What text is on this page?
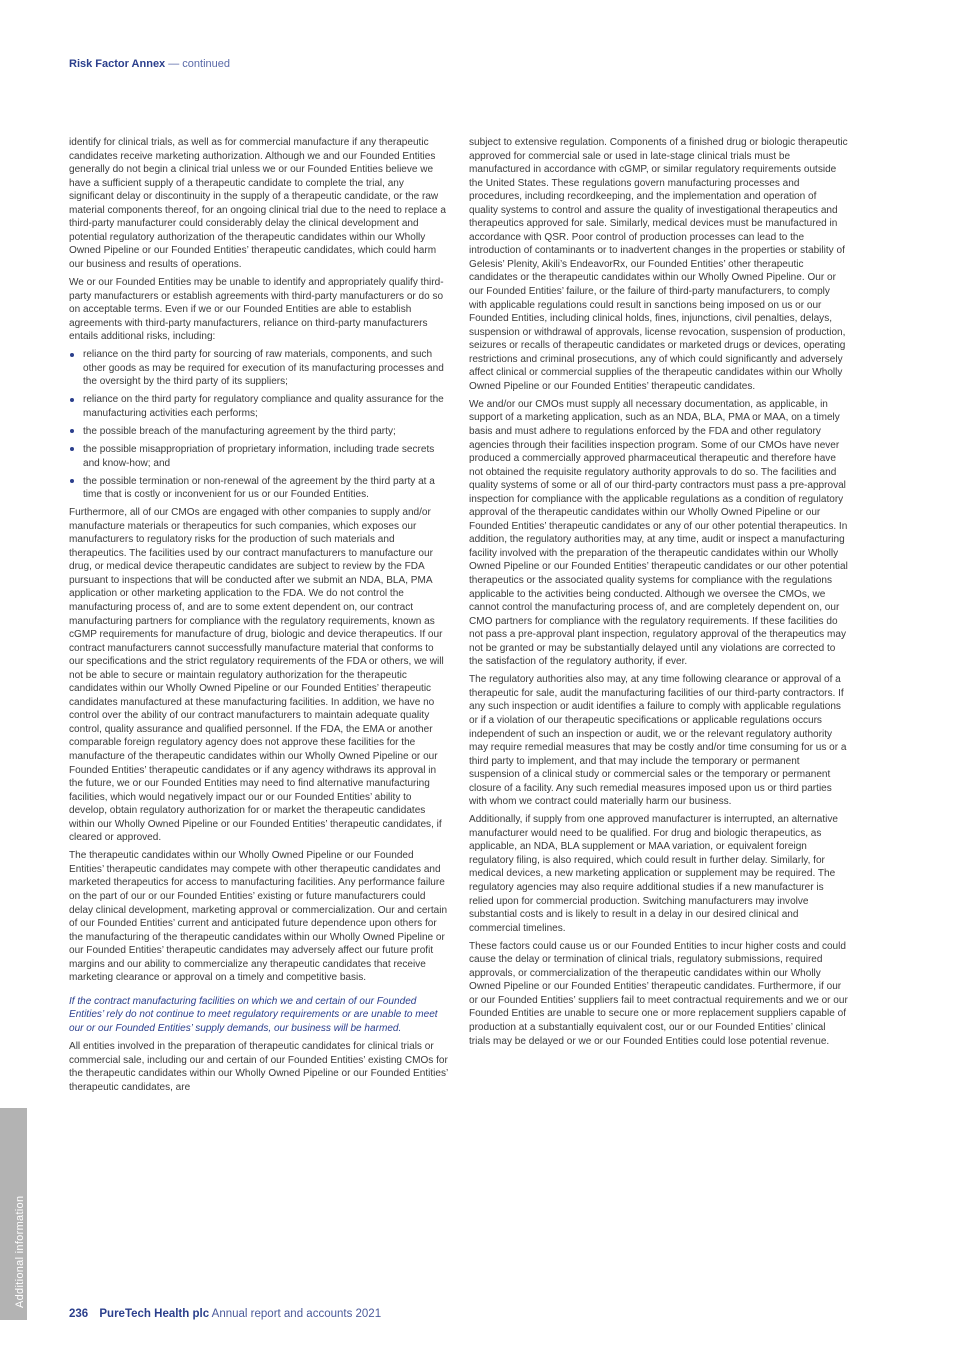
Risk Factor Annex — continued

identify for clinical trials, as well as for commercial manufacture if any therapeutic candidates receive marketing authorization. Although we and our Founded Entities generally do not begin a clinical trial unless we or our Founded Entities believe we have a sufficient supply of a therapeutic candidate to complete the trial, any significant delay or discontinuity in the supply of a therapeutic candidate, or the raw material components thereof, for an ongoing clinical trial due to the need to replace a third-party manufacturer could considerably delay the clinical development and potential regulatory authorization of the therapeutic candidates within our Wholly Owned Pipeline or our Founded Entities’ therapeutic candidates, which could harm our business and results of operations.

We or our Founded Entities may be unable to identify and appropriately qualify third-party manufacturers or establish agreements with third-party manufacturers or do so on acceptable terms. Even if we or our Founded Entities are able to establish agreements with third-party manufacturers, reliance on third-party manufacturers entails additional risks, including:

reliance on the third party for sourcing of raw materials, components, and such other goods as may be required for execution of its manufacturing processes and the oversight by the third party of its suppliers;
reliance on the third party for regulatory compliance and quality assurance for the manufacturing activities each performs;
the possible breach of the manufacturing agreement by the third party;
the possible misappropriation of proprietary information, including trade secrets and know-how; and
the possible termination or non-renewal of the agreement by the third party at a time that is costly or inconvenient for us or our Founded Entities.

Furthermore, all of our CMOs are engaged with other companies to supply and/or manufacture materials or therapeutics for such companies, which exposes our manufacturers to regulatory risks for the production of such materials and therapeutics. The facilities used by our contract manufacturers to manufacture our drug, or medical device therapeutic candidates are subject to review by the FDA pursuant to inspections that will be conducted after we submit an NDA, BLA, PMA application or other marketing application to the FDA. We do not control the manufacturing process of, and are to some extent dependent on, our contract manufacturing partners for compliance with the regulatory requirements, known as cGMP requirements for manufacture of drug, biologic and device therapeutics. If our contract manufacturers cannot successfully manufacture material that conforms to our specifications and the strict regulatory requirements of the FDA or others, we will not be able to secure or maintain regulatory authorization for the therapeutic candidates within our Wholly Owned Pipeline or our Founded Entities’ therapeutic candidates manufactured at these manufacturing facilities. In addition, we have no control over the ability of our contract manufacturers to maintain adequate quality control, quality assurance and qualified personnel. If the FDA, the EMA or another comparable foreign regulatory agency does not approve these facilities for the manufacture of the therapeutic candidates within our Wholly Owned Pipeline or our Founded Entities’ therapeutic candidates or if any agency withdraws its approval in the future, we or our Founded Entities may need to find alternative manufacturing facilities, which would negatively impact our or our Founded Entities’ ability to develop, obtain regulatory authorization for or market the therapeutic candidates within our Wholly Owned Pipeline or our Founded Entities’ therapeutic candidates, if cleared or approved.

The therapeutic candidates within our Wholly Owned Pipeline or our Founded Entities’ therapeutic candidates may compete with other therapeutic candidates and marketed therapeutics for access to manufacturing facilities. Any performance failure on the part of our or our Founded Entities’ existing or future manufacturers could delay clinical development, marketing approval or commercialization. Our and certain of our Founded Entities’ current and anticipated future dependence upon others for the manufacturing of the therapeutic candidates within our Wholly Owned Pipeline or our Founded Entities’ therapeutic candidates may adversely affect our future profit margins and our ability to commercialize any therapeutic candidates that receive marketing clearance or approval on a timely and competitive basis.

If the contract manufacturing facilities on which we and certain of our Founded Entities’ rely do not continue to meet regulatory requirements or are unable to meet our or our Founded Entities’ supply demands, our business will be harmed.

All entities involved in the preparation of therapeutic candidates for clinical trials or commercial sale, including our and certain of our Founded Entities’ existing CMOs for the therapeutic candidates within our Wholly Owned Pipeline or our Founded Entities’ therapeutic candidates, are

subject to extensive regulation. Components of a finished drug or biologic therapeutic approved for commercial sale or used in late-stage clinical trials must be manufactured in accordance with cGMP, or similar regulatory requirements outside the United States. These regulations govern manufacturing processes and procedures, including recordkeeping, and the implementation and operation of quality systems to control and assure the quality of investigational therapeutics and therapeutics approved for sale. Similarly, medical devices must be manufactured in accordance with QSR. Poor control of production processes can lead to the introduction of contaminants or to inadvertent changes in the properties or stability of Gelesis’ Plenity, Akili’s EndeavorRx, our Founded Entities’ other therapeutic candidates or the therapeutic candidates within our Wholly Owned Pipeline. Our or our Founded Entities’ failure, or the failure of third-party manufacturers, to comply with applicable regulations could result in sanctions being imposed on us or our Founded Entities, including clinical holds, fines, injunctions, civil penalties, delays, suspension or withdrawal of approvals, license revocation, suspension of production, seizures or recalls of therapeutic candidates or marketed drugs or devices, operating restrictions and criminal prosecutions, any of which could significantly and adversely affect clinical or commercial supplies of the therapeutic candidates within our Wholly Owned Pipeline or our Founded Entities’ therapeutic candidates.

We and/or our CMOs must supply all necessary documentation, as applicable, in support of a marketing application, such as an NDA, BLA, PMA or MAA, on a timely basis and must adhere to regulations enforced by the FDA and other regulatory agencies through their facilities inspection program. Some of our CMOs have never produced a commercially approved pharmaceutical therapeutic and therefore have not obtained the requisite regulatory authority approvals to do so. The facilities and quality systems of some or all of our third-party contractors must pass a pre-approval inspection for compliance with the applicable regulations as a condition of regulatory approval of the therapeutic candidates within our Wholly Owned Pipeline or our Founded Entities’ therapeutic candidates or any of our other potential therapeutics. In addition, the regulatory authorities may, at any time, audit or inspect a manufacturing facility involved with the preparation of the therapeutic candidates within our Wholly Owned Pipeline or our Founded Entities’ therapeutic candidates or our other potential therapeutics or the associated quality systems for compliance with the regulations applicable to the activities being conducted. Although we oversee the CMOs, we cannot control the manufacturing process of, and are completely dependent on, our CMO partners for compliance with the regulatory requirements. If these facilities do not pass a pre-approval plant inspection, regulatory approval of the therapeutics may not be granted or may be substantially delayed until any violations are corrected to the satisfaction of the regulatory authority, if ever.

The regulatory authorities also may, at any time following clearance or approval of a therapeutic for sale, audit the manufacturing facilities of our third-party contractors. If any such inspection or audit identifies a failure to comply with applicable regulations or if a violation of our therapeutic specifications or applicable regulations occurs independent of such an inspection or audit, we or the relevant regulatory authority may require remedial measures that may be costly and/or time consuming for us or a third party to implement, and that may include the temporary or permanent suspension of a clinical study or commercial sales or the temporary or permanent closure of a facility. Any such remedial measures imposed upon us or third parties with whom we contract could materially harm our business.

Additionally, if supply from one approved manufacturer is interrupted, an alternative manufacturer would need to be qualified. For drug and biologic therapeutics, as applicable, an NDA, BLA supplement or MAA variation, or equivalent foreign regulatory filing, is also required, which could result in further delay. Similarly, for medical devices, a new marketing application or supplement may be required. The regulatory agencies may also require additional studies if a new manufacturer is relied upon for commercial production. Switching manufacturers may involve substantial costs and is likely to result in a delay in our desired clinical and commercial timelines.

These factors could cause us or our Founded Entities to incur higher costs and could cause the delay or termination of clinical trials, regulatory submissions, required approvals, or commercialization of the therapeutic candidates within our Wholly Owned Pipeline or our Founded Entities’ therapeutic candidates. Furthermore, if our or our Founded Entities’ suppliers fail to meet contractual requirements and we or our Founded Entities are unable to secure one or more replacement suppliers capable of production at a substantially equivalent cost, our or our Founded Entities’ clinical trials may be delayed or we or our Founded Entities could lose potential revenue.

Additional information
236 PureTech Health plc Annual report and accounts 2021
